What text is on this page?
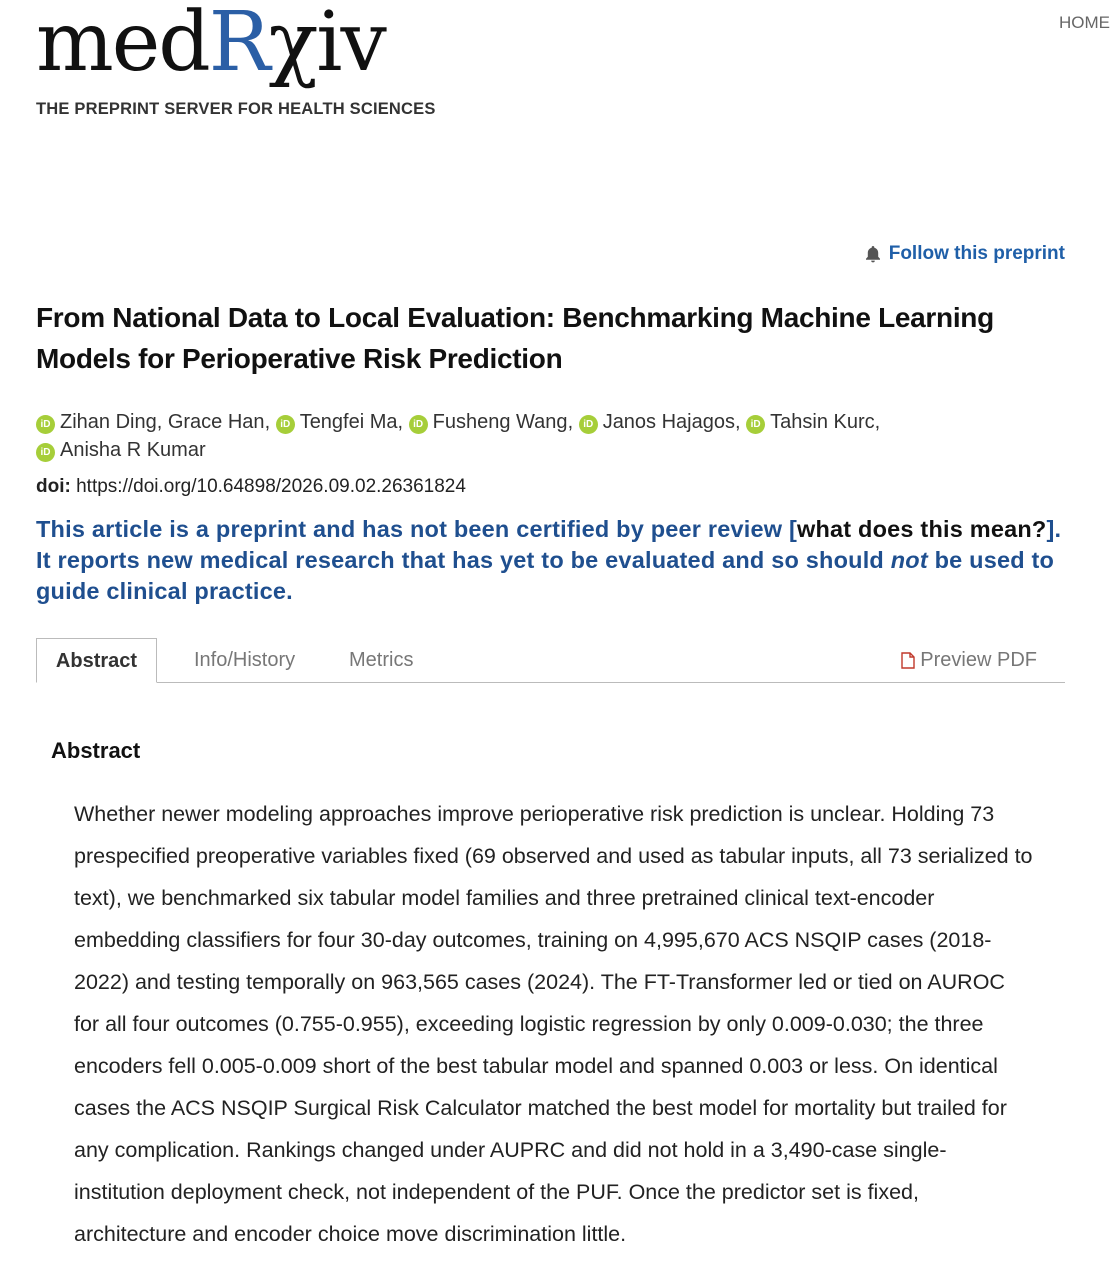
medRχiv
THE PREPRINT SERVER FOR HEALTH SCIENCES
HOME
Follow this preprint
From National Data to Local Evaluation: Benchmarking Machine Learning Models for Perioperative Risk Prediction
iD Zihan Ding, Grace Han, iD Tengfei Ma, iD Fusheng Wang, iD Janos Hajagos, iD Tahsin Kurc,
iD Anisha R Kumar
doi: https://doi.org/10.64898/2026.09.02.26361824
This article is a preprint and has not been certified by peer review [what does this mean?]. It reports new medical research that has yet to be evaluated and so should not be used to guide clinical practice.
Abstract	Info/History	Metrics	Preview PDF
Abstract

Whether newer modeling approaches improve perioperative risk prediction is unclear. Holding 73 prespecified preoperative variables fixed (69 observed and used as tabular inputs, all 73 serialized to text), we benchmarked six tabular model families and three pretrained clinical text-encoder embedding classifiers for four 30-day outcomes, training on 4,995,670 ACS NSQIP cases (2018-2022) and testing temporally on 963,565 cases (2024). The FT-Transformer led or tied on AUROC for all four outcomes (0.755-0.955), exceeding logistic regression by only 0.009-0.030; the three encoders fell 0.005-0.009 short of the best tabular model and spanned 0.003 or less. On identical cases the ACS NSQIP Surgical Risk Calculator matched the best model for mortality but trailed for any complication. Rankings changed under AUPRC and did not hold in a 3,490-case single-institution deployment check, not independent of the PUF. Once the predictor set is fixed, architecture and encoder choice move discrimination little.
